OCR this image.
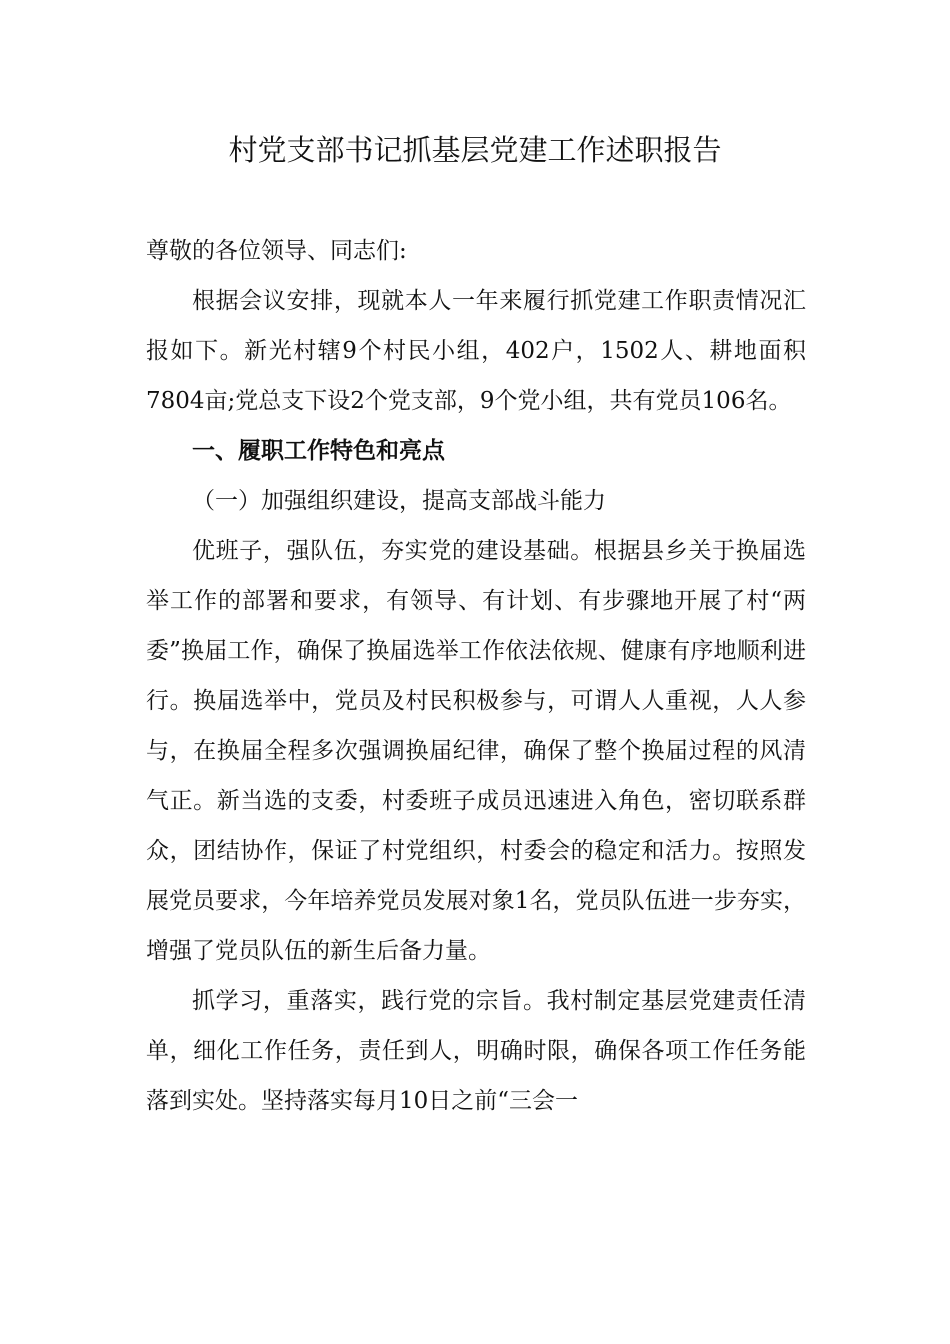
村党支部书记抓基层党建工作述职报告

尊敬的各位领导、同志们:

根据会议安排，现就本人一年来履行抓党建工作职责情况汇报如下。新光村辖9个村民小组，402户，1502人、耕地面积7804亩;党总支下设2个党支部，9个党小组，共有党员106名。

一、履职工作特色和亮点

（一）加强组织建设，提高支部战斗能力

优班子，强队伍，夯实党的建设基础。根据县乡关于换届选举工作的部署和要求，有领导、有计划、有步骤地开展了村“两委”换届工作，确保了换届选举工作依法依规、健康有序地顺利进行。换届选举中，党员及村民积极参与，可谓人人重视，人人参与，在换届全程多次强调换届纪律，确保了整个换届过程的风清气正。新当选的支委，村委班子成员迅速进入角色，密切联系群众，团结协作，保证了村党组织，村委会的稳定和活力。按照发展党员要求，今年培养党员发展对象1名，党员队伍进一步夯实，增强了党员队伍的新生后备力量。

抓学习，重落实，践行党的宗旨。我村制定基层党建责任清单，细化工作任务，责任到人，明确时限，确保各项工作任务能落到实处。坚持落实每月10日之前“三会一
